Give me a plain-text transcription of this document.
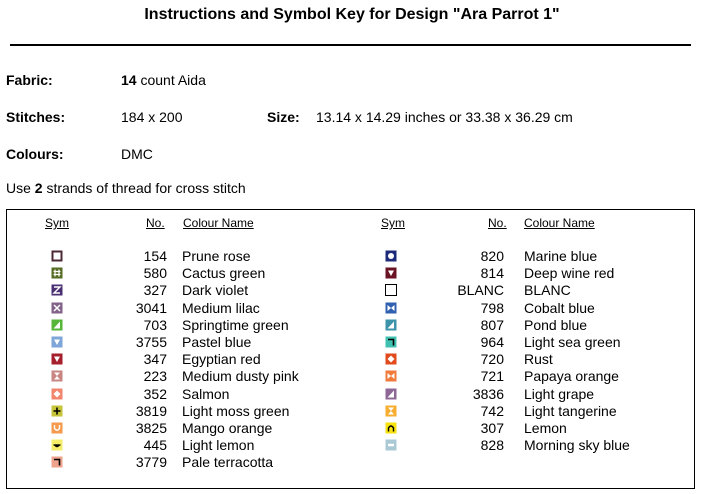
Instructions and Symbol Key for Design "Ara Parrot 1"
Fabric:	14 count Aida
Stitches:	184 x 200	Size: 13.14 x 14.29 inches or 33.38 x 36.29 cm
Colours:	DMC
Use 2 strands of thread for cross stitch
Sym	No. Colour Name	Sym	No. Colour Name
154 Prune rose
580 Cactus green
327 Dark violet
3041 Medium lilac
703 Springtime green
3755 Pastel blue
347 Egyptian red
223 Medium dusty pink
352 Salmon
3819 Light moss green
3825 Mango orange
445 Light lemon
3779 Pale terracotta
820 Marine blue
814 Deep wine red
BLANC BLANC
798 Cobalt blue
807 Pond blue
964 Light sea green
720 Rust
721 Papaya orange
3836 Light grape
742 Light tangerine
307 Lemon
828 Morning sky blue
